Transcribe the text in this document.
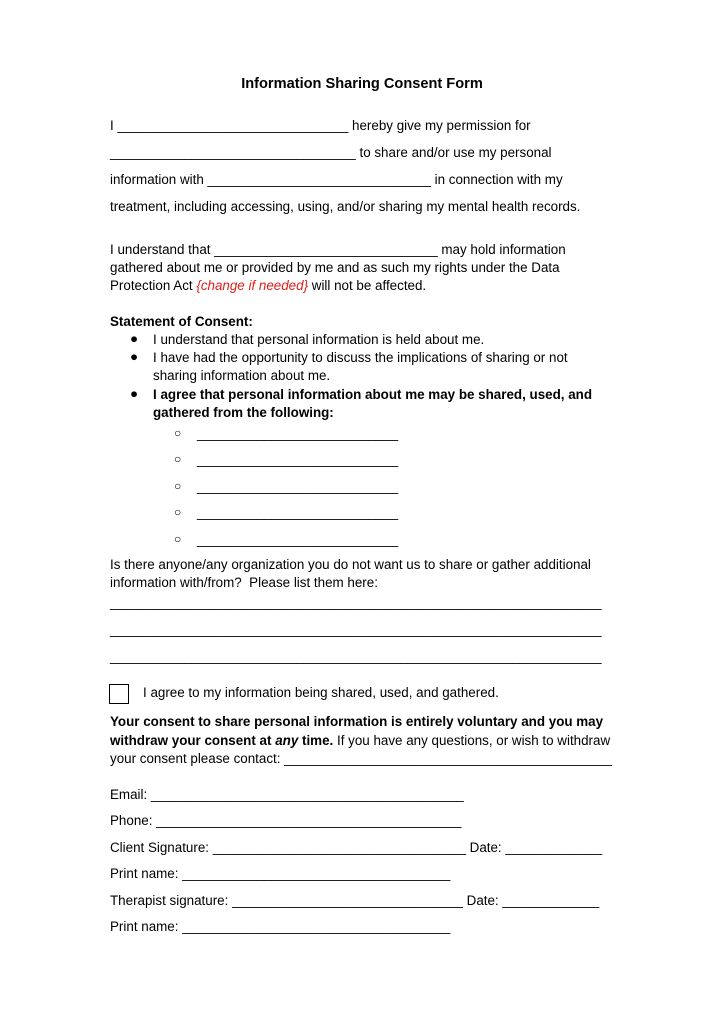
Information Sharing Consent Form
I _______________________________ hereby give my permission for
_________________________________ to share and/or use my personal
information with ______________________________ in connection with my
treatment, including accessing, using, and/or sharing my mental health records.
I understand that ______________________________ may hold information
gathered about me or provided by me and as such my rights under the Data
Protection Act {change if needed} will not be affected.
Statement of Consent:
● I understand that personal information is held about me.
● I have had the opportunity to discuss the implications of sharing or not
sharing information about me.
● I agree that personal information about me may be shared, used, and
gathered from the following:
○ ___________________________
○ ___________________________
○ ___________________________
○ ___________________________
○ ___________________________
Is there anyone/any organization you do not want us to share or gather additional
information with/from?  Please list them here:
__________________________________________________________________
__________________________________________________________________
__________________________________________________________________
I agree to my information being shared, used, and gathered.
Your consent to share personal information is entirely voluntary and you may
withdraw your consent at any time. If you have any questions, or wish to withdraw
your consent please contact: ____________________________________________
Email: __________________________________________
Phone: _________________________________________
Client Signature: __________________________________ Date: _____________
Print name: ____________________________________
Therapist signature: _______________________________ Date: _____________
Print name: ____________________________________
